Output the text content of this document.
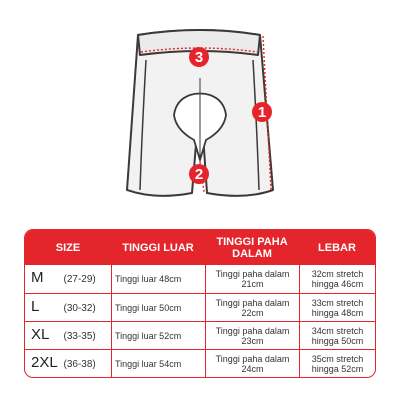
3
1
2
SIZE	TINGGI LUAR	TINGGI PAHA DALAM	LEBAR
M (27-29)	Tinggi luar 48cm	Tinggi paha dalam 21cm	32cm stretch hingga 46cm
L (30-32)	Tinggi luar 50cm	Tinggi paha dalam 22cm	33cm stretch hingga 48cm
XL (33-35)	Tinggi luar 52cm	Tinggi paha dalam 23cm	34cm stretch hingga 50cm
2XL (36-38)	Tinggi luar 54cm	Tinggi paha dalam 24cm	35cm stretch hingga 52cm
